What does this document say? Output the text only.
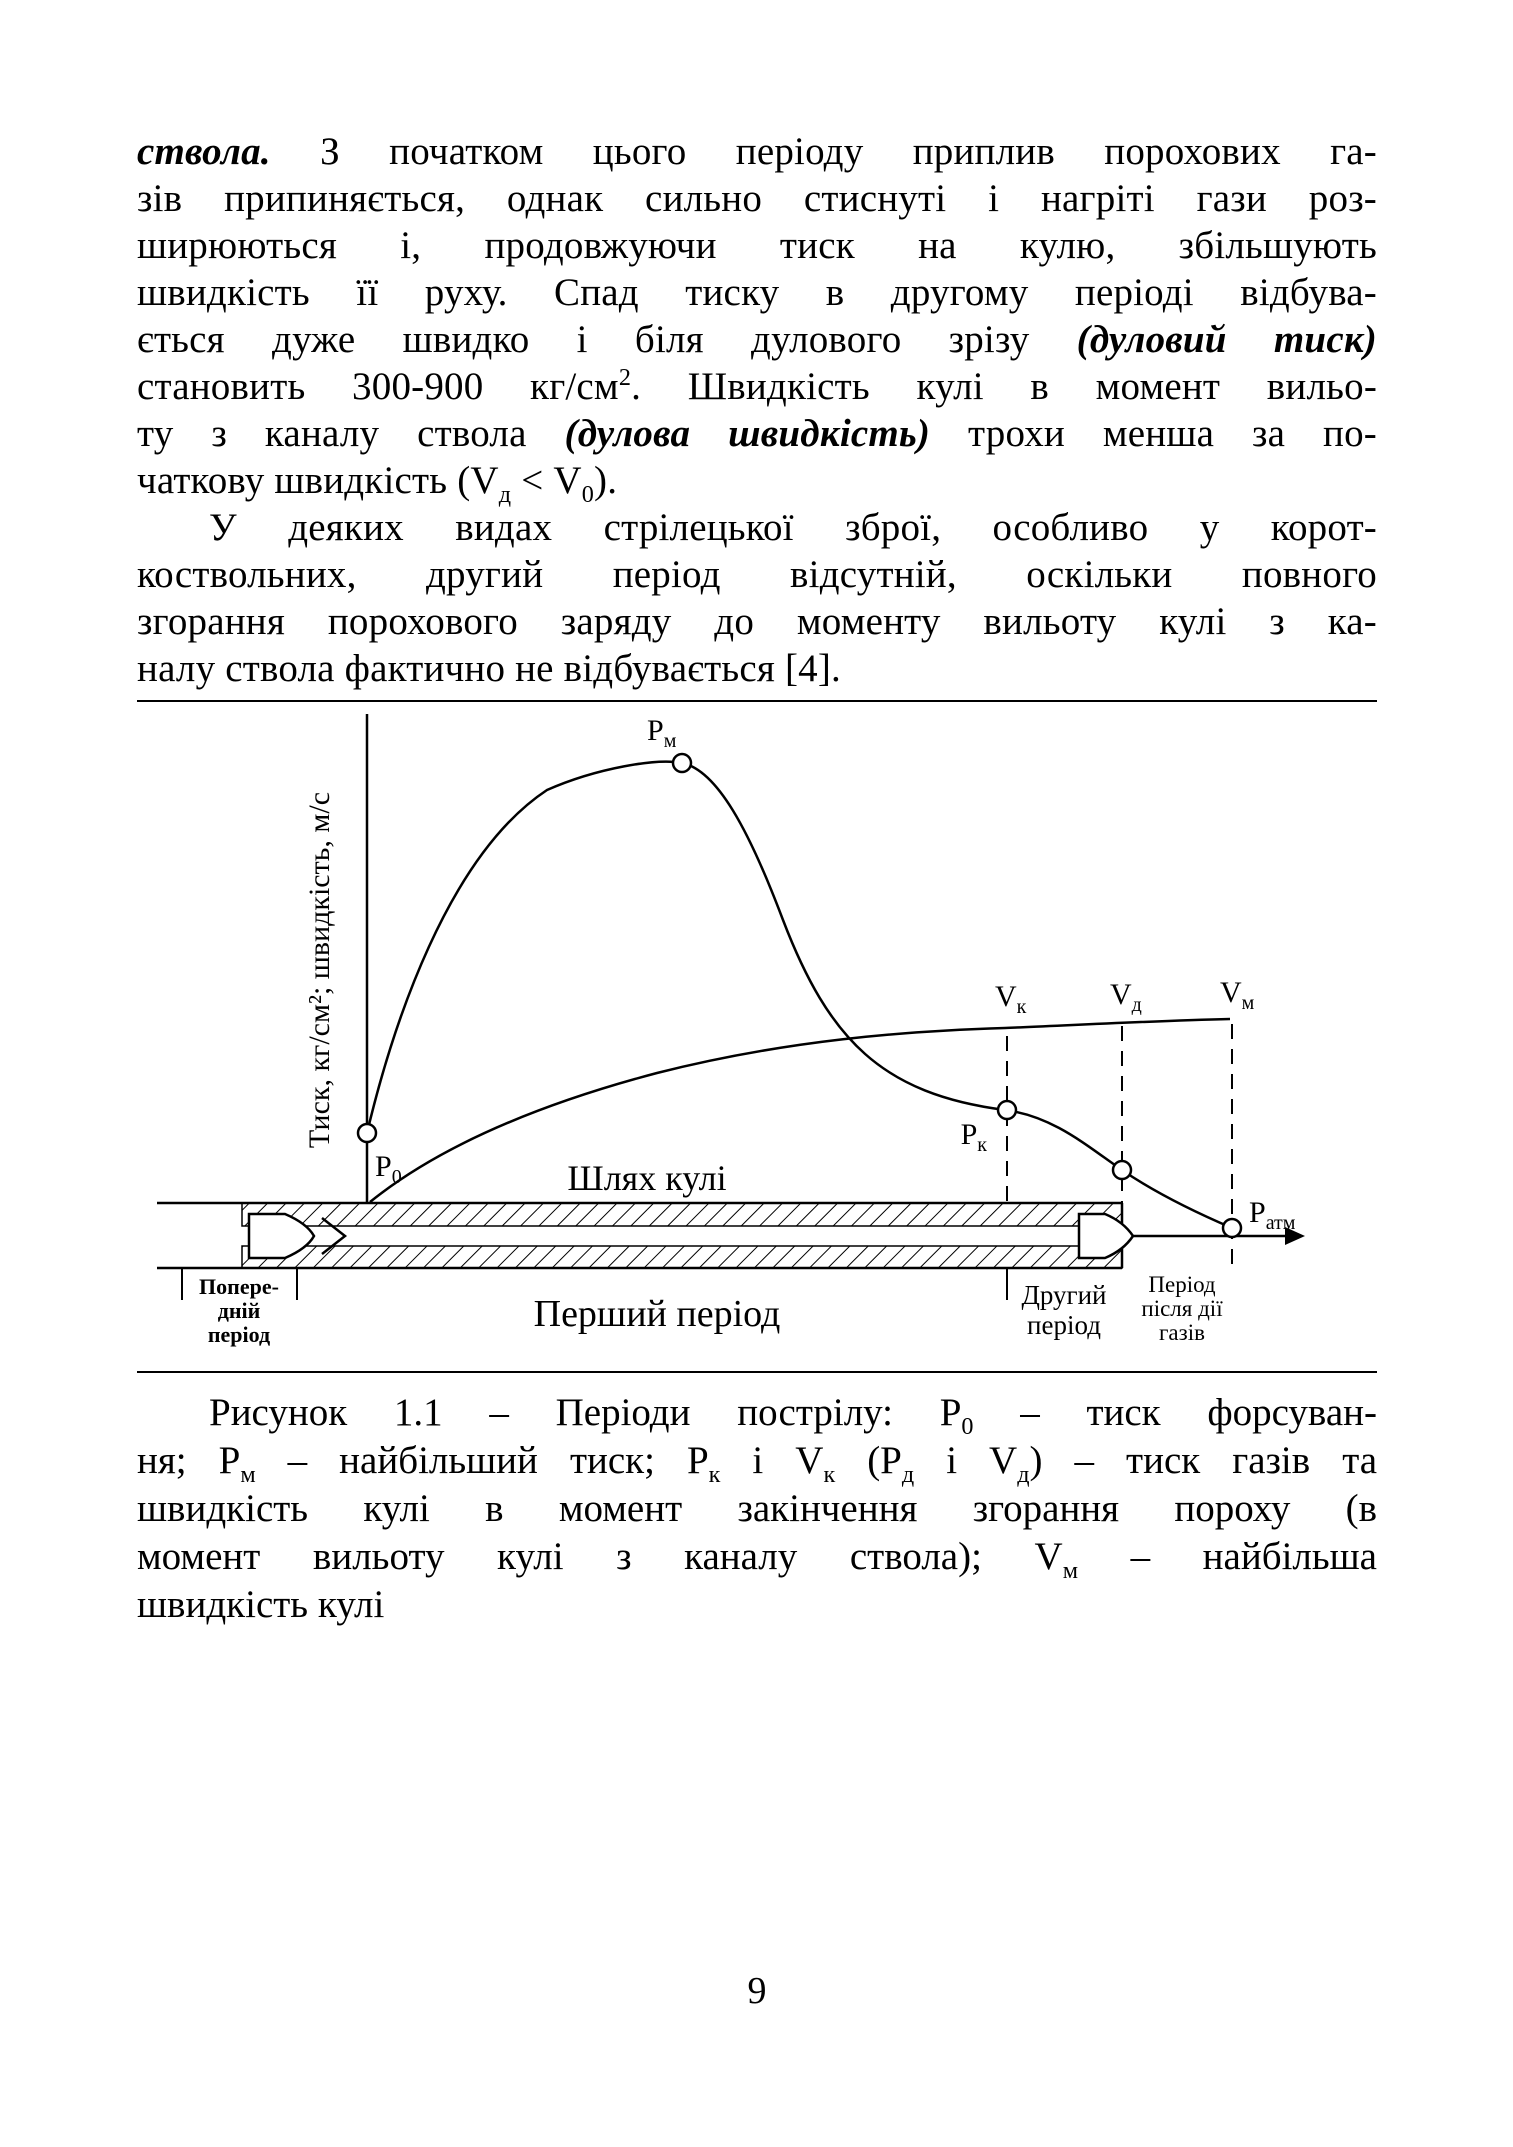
ствола. З початком цього періоду приплив порохових га-
зів припиняється, однак сильно стиснуті і нагріті гази роз-
ширюються і, продовжуючи тиск на кулю, збільшують
швидкість її руху. Спад тиску в другому періоді відбува-
ється дуже швидко і біля дулового зрізу (дуловий тиск)
становить 300-900 $кг/см^2$. Швидкість кулі в момент вильо-
ту з каналу ствола (дулова швидкість) трохи менша за по-
чаткову швидкість $(V_д < V_0)$.
У деяких видах стрілецької зброї, особливо у корот-
коствольних, другий період відсутній, оскільки повного
згорання порохового заряду до моменту вильоту кулі з ка-
налу ствола фактично не відбувається [4].
Тиск, кг/см²; швидкість, м/с
$P_м$
$P_0$
$P_к$
$V_к$	$V_д$	$V_м$
$P_{атм}$
Шлях кулі
Попере-
дній
період	Перший період	Другий
період
Період
після дії
газів
Рисунок 1.1 – Періоди пострілу: $P_0$ – тиск форсуван-
ня; $P_м$ – найбільший тиск; $P_к$ і $V_к$ ($P_д$ і $V_д$) – тиск газів та
швидкість кулі в момент закінчення згорання пороху (в
момент вильоту кулі з каналу ствола); $V_м$ – найбільша
швидкість кулі
9
